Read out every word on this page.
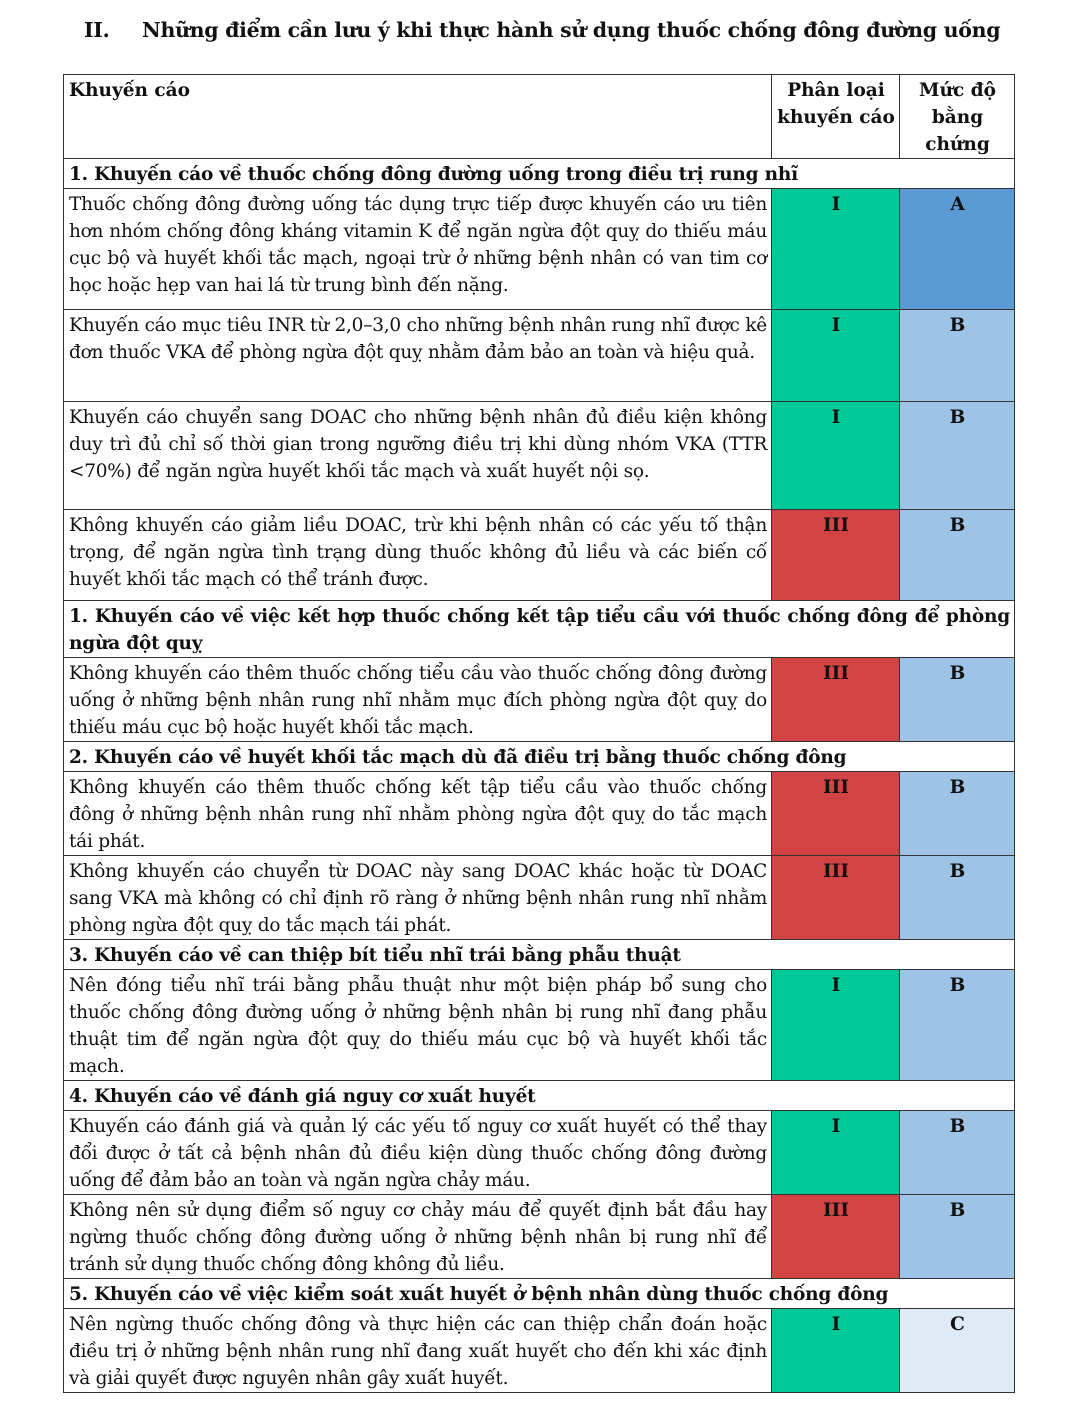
II. Những điểm cần lưu ý khi thực hành sử dụng thuốc chống đông đường uống
Khuyến cáo	Phân loại khuyến cáo	Mức độ bằng chứng
1. Khuyến cáo về thuốc chống đông đường uống trong điều trị rung nhĩ		
Thuốc chống đông đường uống tác dụng trực tiếp được khuyến cáo ưu tiên hơn nhóm chống đông kháng vitamin K để ngăn ngừa đột quỵ do thiếu máu cục bộ và huyết khối tắc mạch, ngoại trừ ở những bệnh nhân có van tim cơ học hoặc hẹp van hai lá từ trung bình đến nặng.	I	A
Khuyến cáo mục tiêu INR từ 2,0–3,0 cho những bệnh nhân rung nhĩ được kê đơn thuốc VKA để phòng ngừa đột quỵ nhằm đảm bảo an toàn và hiệu quả.	I	B
Khuyến cáo chuyển sang DOAC cho những bệnh nhân đủ điều kiện không duy trì đủ chỉ số thời gian trong ngưỡng điều trị khi dùng nhóm VKA (TTR <70%) để ngăn ngừa huyết khối tắc mạch và xuất huyết nội sọ.	I	B
Không khuyến cáo giảm liều DOAC, trừ khi bệnh nhân có các yếu tố thận trọng, để ngăn ngừa tình trạng dùng thuốc không đủ liều và các biến cố huyết khối tắc mạch có thể tránh được.	III	B
1. Khuyến cáo về việc kết hợp thuốc chống kết tập tiểu cầu với thuốc chống đông để phòng ngừa đột quỵ		
Không khuyến cáo thêm thuốc chống tiểu cầu vào thuốc chống đông đường uống ở những bệnh nhân rung nhĩ nhằm mục đích phòng ngừa đột quỵ do thiếu máu cục bộ hoặc huyết khối tắc mạch.	III	B
2. Khuyến cáo về huyết khối tắc mạch dù đã điều trị bằng thuốc chống đông		
Không khuyến cáo thêm thuốc chống kết tập tiểu cầu vào thuốc chống đông ở những bệnh nhân rung nhĩ nhằm phòng ngừa đột quỵ do tắc mạch tái phát.	III	B
Không khuyến cáo chuyển từ DOAC này sang DOAC khác hoặc từ DOAC sang VKA mà không có chỉ định rõ ràng ở những bệnh nhân rung nhĩ nhằm phòng ngừa đột quỵ do tắc mạch tái phát.	III	B
3. Khuyến cáo về can thiệp bít tiểu nhĩ trái bằng phẫu thuật		
Nên đóng tiểu nhĩ trái bằng phẫu thuật như một biện pháp bổ sung cho thuốc chống đông đường uống ở những bệnh nhân bị rung nhĩ đang phẫu thuật tim để ngăn ngừa đột quỵ do thiếu máu cục bộ và huyết khối tắc mạch.	I	B
4. Khuyến cáo về đánh giá nguy cơ xuất huyết		
Khuyến cáo đánh giá và quản lý các yếu tố nguy cơ xuất huyết có thể thay đổi được ở tất cả bệnh nhân đủ điều kiện dùng thuốc chống đông đường uống để đảm bảo an toàn và ngăn ngừa chảy máu.	I	B
Không nên sử dụng điểm số nguy cơ chảy máu để quyết định bắt đầu hay ngừng thuốc chống đông đường uống ở những bệnh nhân bị rung nhĩ để tránh sử dụng thuốc chống đông không đủ liều.	III	B
5. Khuyến cáo về việc kiểm soát xuất huyết ở bệnh nhân dùng thuốc chống đông		
Nên ngừng thuốc chống đông và thực hiện các can thiệp chẩn đoán hoặc điều trị ở những bệnh nhân rung nhĩ đang xuất huyết cho đến khi xác định và giải quyết được nguyên nhân gây xuất huyết.	I	C
